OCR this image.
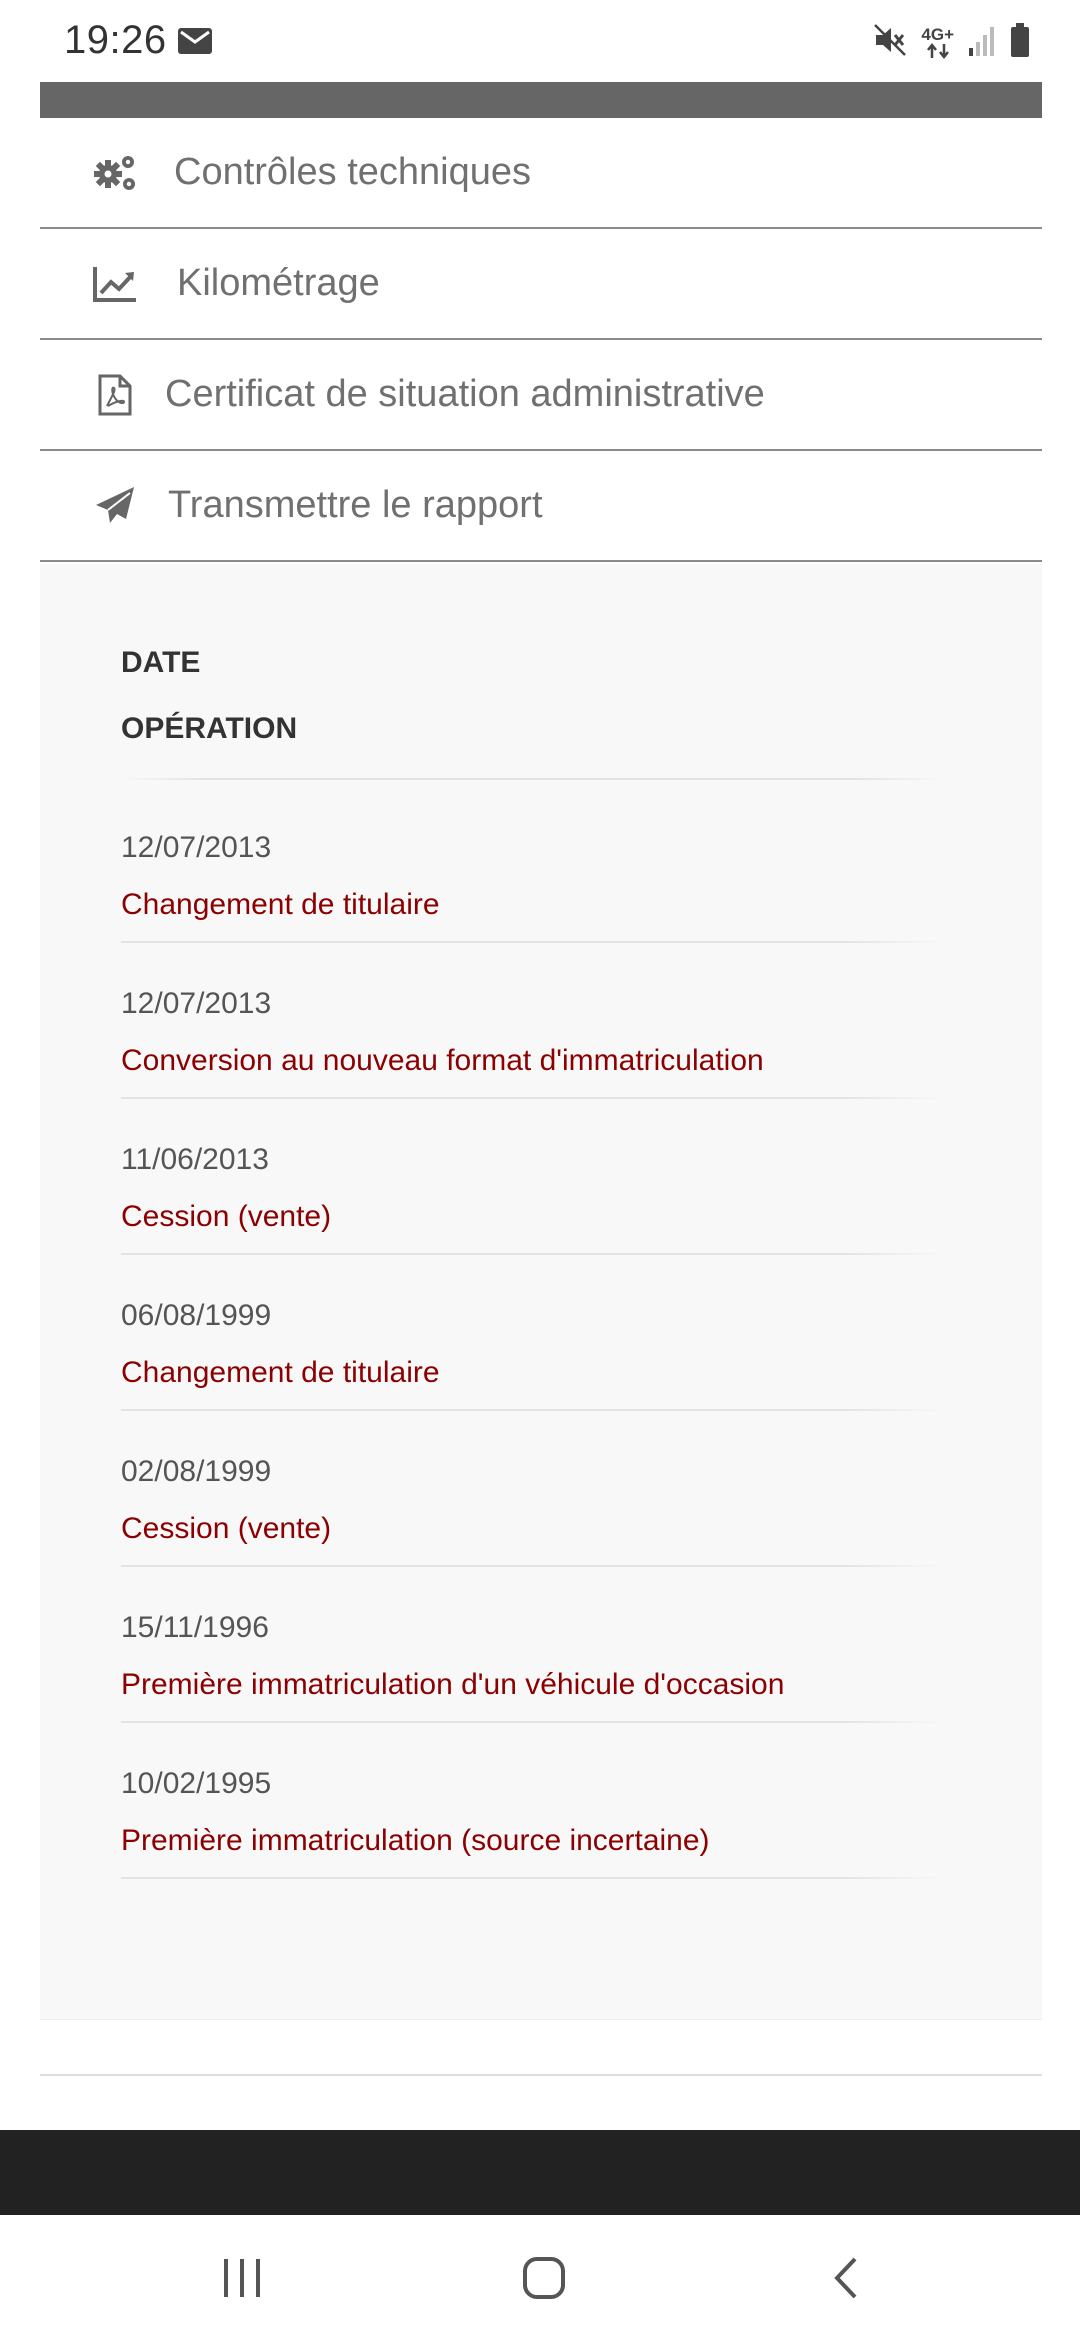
19:26	4G+
Contrôles techniques
Kilométrage
Certificat de situation administrative
Transmettre le rapport
DATE
OPÉRATION
12/07/2013
Changement de titulaire
12/07/2013
Conversion au nouveau format d'immatriculation
11/06/2013
Cession (vente)
06/08/1999
Changement de titulaire
02/08/1999
Cession (vente)
15/11/1996
Première immatriculation d'un véhicule d'occasion
10/02/1995
Première immatriculation (source incertaine)
